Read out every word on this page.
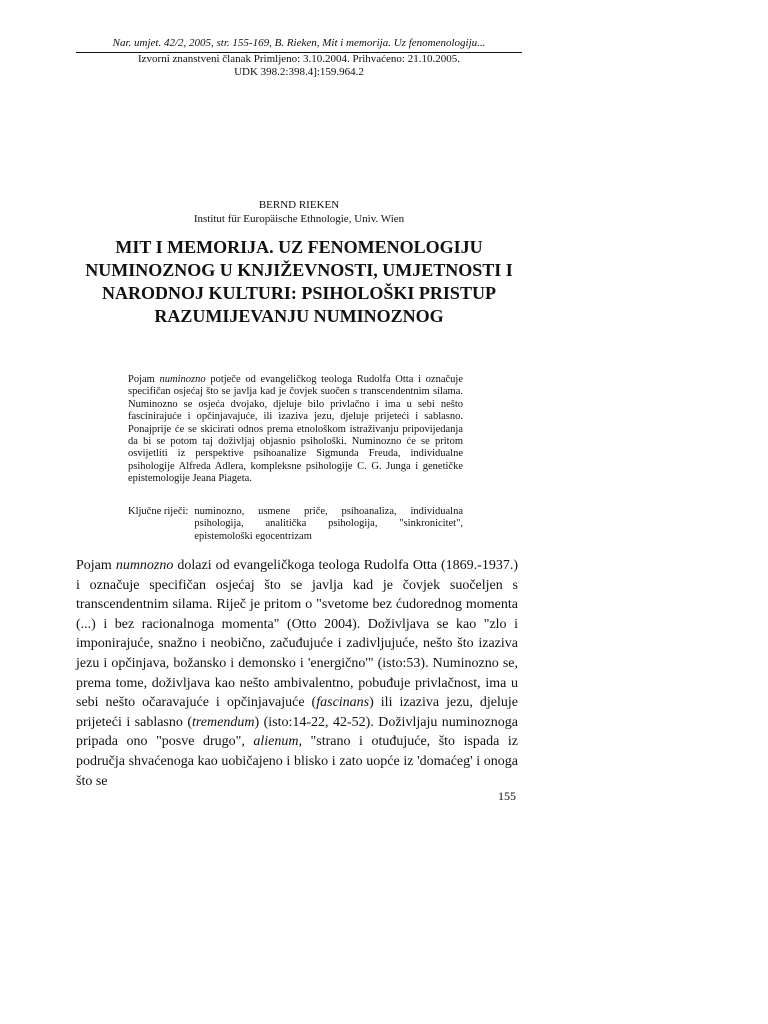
Nar. umjet. 42/2, 2005, str. 155-169, B. Rieken, Mit i memorija. Uz fenomenologiju...
Izvorni znanstveni članak Primljeno: 3.10.2004. Prihvaćeno: 21.10.2005.
UDK 398.2:398.4]:159.964.2
BERND RIEKEN
Institut für Europäische Ethnologie, Univ. Wien
MIT I MEMORIJA. UZ FENOMENOLOGIJU NUMINOZNOG U KNJIŽEVNOSTI, UMJETNOSTI I NARODNOJ KULTURI: PSIHOLOŠKI PRISTUP RAZUMIJEVANJU NUMINOZNOG

Pojam numinozno potječe od evangeličkog teologa Rudolfa Otta i označuje specifičan osjećaj što se javlja kad je čovjek suočen s transcendentnim silama. Numinozno se osjeća dvojako, djeluje bilo privlačno i ima u sebi nešto fascinirajuće i opčinjavajuće, ili izaziva jezu, djeluje prijeteći i sablasno. Ponajprije će se skicirati odnos prema etnološkom istraživanju pripovijedanja da bi se potom taj doživljaj objasnio psihološki. Numinozno će se pritom osvijetliti iz perspektive psihoanalize Sigmunda Freuda, individualne psihologije Alfreda Adlera, kompleksne psihologije C. G. Junga i genetičke epistemologije Jeana Piageta.

Ključne riječi: numinozno, usmene priče, psihoanaliza, individualna psihologija, analitička psihologija, "sinkronicitet", epistemološki egocentrizam

Pojam numnozno dolazi od evangeličkoga teologa Rudolfa Otta (1869.-1937.) i označuje specifičan osjećaj što se javlja kad je čovjek suočeljen s transcendentnim silama. Riječ je pritom o "svetome bez ćudorednog momenta (...) i bez racionalnoga momenta" (Otto 2004). Doživljava se kao "zlo i imponirajuće, snažno i neobično, začuđujuće i zadivljujuće, nešto što izaziva jezu i opčinjava, božansko i demonsko i 'energično'" (isto:53). Numinozno se, prema tome, doživljava kao nešto ambivalentno, pobuđuje privlačnost, ima u sebi nešto očaravajuće i opčinjavajuće (fascinans) ili izaziva jezu, djeluje prijeteći i sablasno (tremendum) (isto:14-22, 42-52). Doživljaju numinoznoga pripada ono "posve drugo", alienum, "strano i otuđujuće, što ispada iz područja shvaćenoga kao uobičajeno i blisko i zato uopće iz 'domaćeg' i onoga što se

155
